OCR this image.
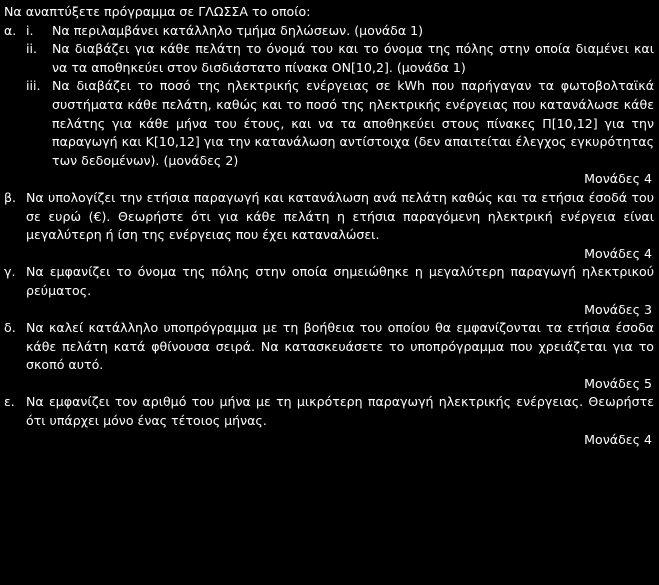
Να αναπτύξετε πρόγραμμα σε ΓΛΩΣΣΑ το οποίο:

α. i.	Να περιλαμβάνει κατάλληλο τμήμα δηλώσεων. (μονάδα 1)
ii.	Να διαβάζει για κάθε πελάτη το όνομά του και το όνομα της πόλης στην οποία διαμένει και να τα αποθηκεύει στον δισδιάστατο πίνακα ΟΝ[10,2]. (μονάδα 1)
iii. Να διαβάζει το ποσό της ηλεκτρικής ενέργειας σε kWh που παρήγαγαν τα φωτοβολταϊκά συστήματα κάθε πελάτη, καθώς και το ποσό της ηλεκτρικής ενέργειας που κατανάλωσε κάθε πελάτης για κάθε μήνα του έτους, και να τα αποθηκεύει στους πίνακες Π[10,12] για την παραγωγή και Κ[10,12] για την κατανάλωση αντίστοιχα (δεν απαιτείται έλεγχος εγκυρότητας των δεδομένων). (μονάδες 2)
Μονάδες 4
β. Να υπολογίζει την ετήσια παραγωγή και κατανάλωση ανά πελάτη καθώς και τα ετήσια έσοδά του σε ευρώ (€). Θεωρήστε ότι για κάθε πελάτη η ετήσια παραγόμενη ηλεκτρική ενέργεια είναι μεγαλύτερη ή ίση της ενέργειας που έχει καταναλώσει.
Μονάδες 4
γ. Να εμφανίζει το όνομα της πόλης στην οποία σημειώθηκε η μεγαλύτερη παραγωγή ηλεκτρικού ρεύματος.
Μονάδες 3
δ. Να καλεί κατάλληλο υποπρόγραμμα με τη βοήθεια του οποίου θα εμφανίζονται τα ετήσια έσοδα κάθε πελάτη κατά φθίνουσα σειρά. Να κατασκευάσετε το υποπρόγραμμα που χρειάζεται για το σκοπό αυτό.
Μονάδες 5
ε. Να εμφανίζει τον αριθμό του μήνα με τη μικρότερη παραγωγή ηλεκτρικής ενέργειας. Θεωρήστε ότι υπάρχει μόνο ένας τέτοιος μήνας.
Μονάδες 4
